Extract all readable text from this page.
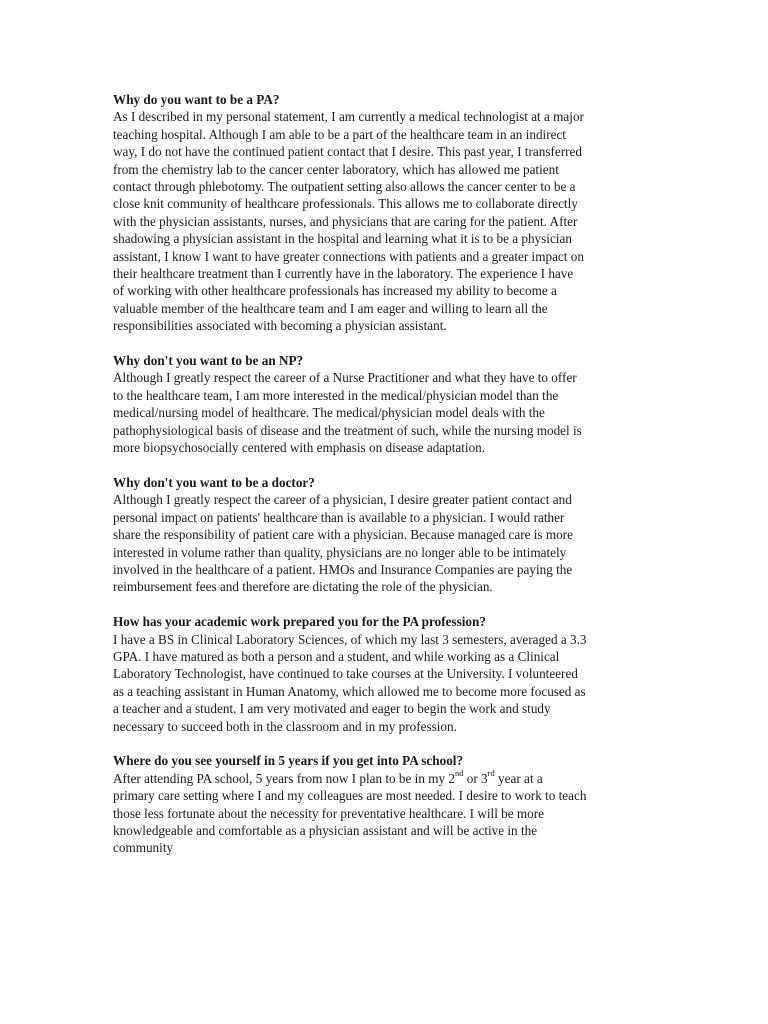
Why do you want to be a PA?

As I described in my personal statement, I am currently a medical technologist at a major
teaching hospital. Although I am able to be a part of the healthcare team in an indirect
way, I do not have the continued patient contact that I desire. This past year, I transferred
from the chemistry lab to the cancer center laboratory, which has allowed me patient
contact through phlebotomy. The outpatient setting also allows the cancer center to be a
close knit community of healthcare professionals. This allows me to collaborate directly
with the physician assistants, nurses, and physicians that are caring for the patient. After
shadowing a physician assistant in the hospital and learning what it is to be a physician
assistant, I know I want to have greater connections with patients and a greater impact on
their healthcare treatment than I currently have in the laboratory. The experience I have
of working with other healthcare professionals has increased my ability to become a
valuable member of the healthcare team and I am eager and willing to learn all the
responsibilities associated with becoming a physician assistant.

Why don't you want to be an NP?

Although I greatly respect the career of a Nurse Practitioner and what they have to offer
to the healthcare team, I am more interested in the medical/physician model than the
medical/nursing model of healthcare. The medical/physician model deals with the
pathophysiological basis of disease and the treatment of such, while the nursing model is
more biopsychosocially centered with emphasis on disease adaptation.

Why don't you want to be a doctor?

Although I greatly respect the career of a physician, I desire greater patient contact and
personal impact on patients' healthcare than is available to a physician. I would rather
share the responsibility of patient care with a physician. Because managed care is more
interested in volume rather than quality, physicians are no longer able to be intimately
involved in the healthcare of a patient. HMOs and Insurance Companies are paying the
reimbursement fees and therefore are dictating the role of the physician.

How has your academic work prepared you for the PA profession?

I have a BS in Clinical Laboratory Sciences, of which my last 3 semesters, averaged a 3.3
GPA. I have matured as both a person and a student, and while working as a Clinical
Laboratory Technologist, have continued to take courses at the University. I volunteered
as a teaching assistant in Human Anatomy, which allowed me to become more focused as
a teacher and a student. I am very motivated and eager to begin the work and study
necessary to succeed both in the classroom and in my profession.

Where do you see yourself in 5 years if you get into PA school?

After attending PA school, 5 years from now I plan to be in my 2nd or 3rd year at a
primary care setting where I and my colleagues are most needed. I desire to work to teach
those less fortunate about the necessity for preventative healthcare. I will be more
knowledgeable and comfortable as a physician assistant and will be active in the
community
